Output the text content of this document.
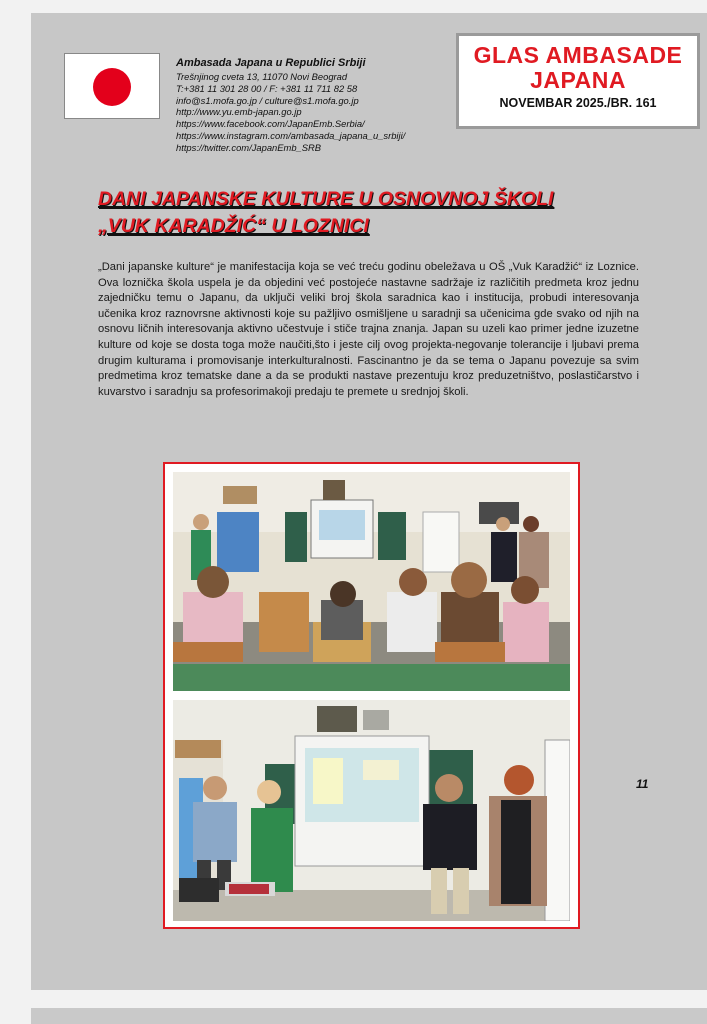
Ambasada Japana u Republici Srbiji
Trešnjinog cveta 13, 11070 Novi Beograd
T:+381 11 301 28 00 / F: +381 11 711 82 58
info@s1.mofa.go.jp / culture@s1.mofa.go.jp
http://www.yu.emb-japan.go.jp
https://www.facebook.com/JapanEmb.Serbia/
https://www.instagram.com/ambasada_japana_u_srbiji/
https://twitter.com/JapanEmb_SRB
GLAS AMBASADE
JAPANA
NOVEMBAR 2025./BR. 161
DANI JAPANSKE KULTURE U OSNOVNOJ ŠKOLI
„VUK KARADŽIĆ“ U LOZNICI
„Dani japanske kulture“ je manifestacija koja se već treću godinu obeležava u OŠ „Vuk Karadžić“ iz Loznice. Ova loznička škola uspela je da objedini već postojeće nastavne sadržaje iz različitih predmeta kroz jednu zajedničku temu o Japanu, da uključi veliki broj škola saradnica kao i institucija, probudi interesovanja učenika kroz raznovrsne aktivnosti koje su pažljivo osmišljene u saradnji sa učenicima gde svako od njih na osnovu ličnih interesovanja aktivno učestvuje i stiče trajna znanja. Japan su uzeli kao primer jedne izuzetne kulture od koje se dosta toga može naučiti,što i jeste cilj ovog projekta-negovanje tolerancije i ljubavi prema drugim kulturama i promovisanje interkulturalnosti. Fascinantno je da se tema o Japanu povezuje sa svim predmetima kroz tematske dane a da se produkti nastave prezentuju kroz preduzetništvo, poslastičarstvo i kuvarstvo i saradnju sa profesorimakoji predaju te premete u srednjoj školi.
11
